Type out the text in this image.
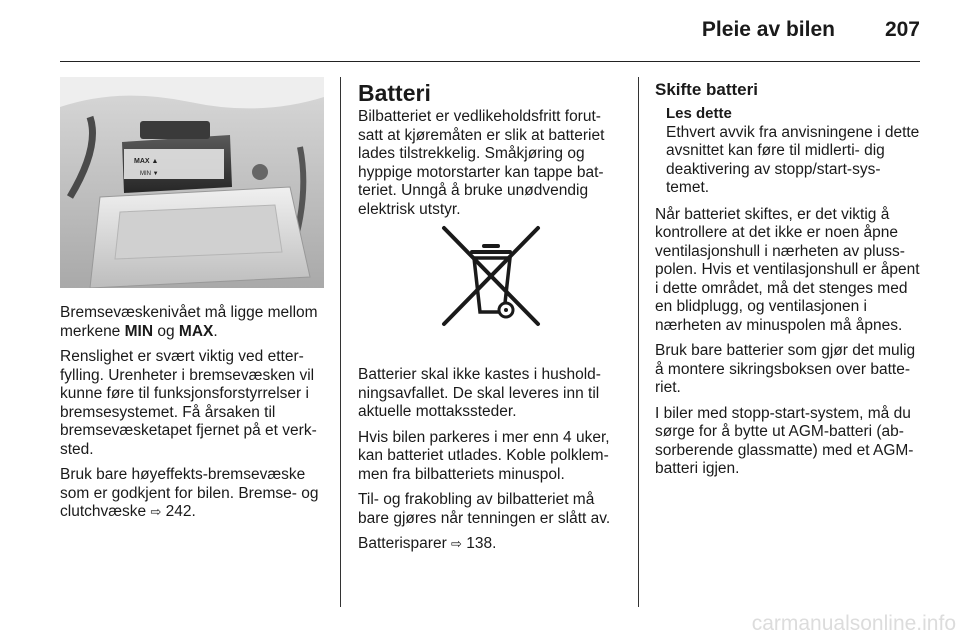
Pleie av bilen 207
MAX ▲
MIN ▼

Bremsevæskenivået må ligge mellom merkene MIN og MAX.

Renslighet er svært viktig ved etter- fylling. Urenheter i bremsevæsken vil kunne føre til funksjonsforstyrrelser i bremsesystemet. Få årsaken til bremsevæsketapet fjernet på et verk- sted.

Bruk bare høyeffekts-bremsevæske som er godkjent for bilen. Bremse- og clutchvæske ⇨ 242.

Batteri

Bilbatteriet er vedlikeholdsfritt forut- satt at kjøremåten er slik at batteriet lades tilstrekkelig. Småkjøring og hyppige motorstarter kan tappe bat- teriet. Unngå å bruke unødvendig elektrisk utstyr.

Batterier skal ikke kastes i hushold- ningsavfallet. De skal leveres inn til aktuelle mottakssteder.

Hvis bilen parkeres i mer enn 4 uker, kan batteriet utlades. Koble polklem- men fra bilbatteriets minuspol.

Til- og frakobling av bilbatteriet må bare gjøres når tenningen er slått av.

Batterisparer ⇨ 138.

Skifte batteri
Les dette
Ethvert avvik fra anvisningene i dette avsnittet kan føre til midlerti- dig deaktivering av stopp/start-sys- temet.

Når batteriet skiftes, er det viktig å kontrollere at det ikke er noen åpne ventilasjonshull i nærheten av pluss- polen. Hvis et ventilasjonshull er åpent i dette området, må det stenges med en blidplugg, og ventilasjonen i nærheten av minuspolen må åpnes.

Bruk bare batterier som gjør det mulig å montere sikringsboksen over batte- riet.

I biler med stopp-start-system, må du sørge for å bytte ut AGM-batteri (ab- sorberende glassmatte) med et AGM- batteri igjen.

carmanualsonline.info
